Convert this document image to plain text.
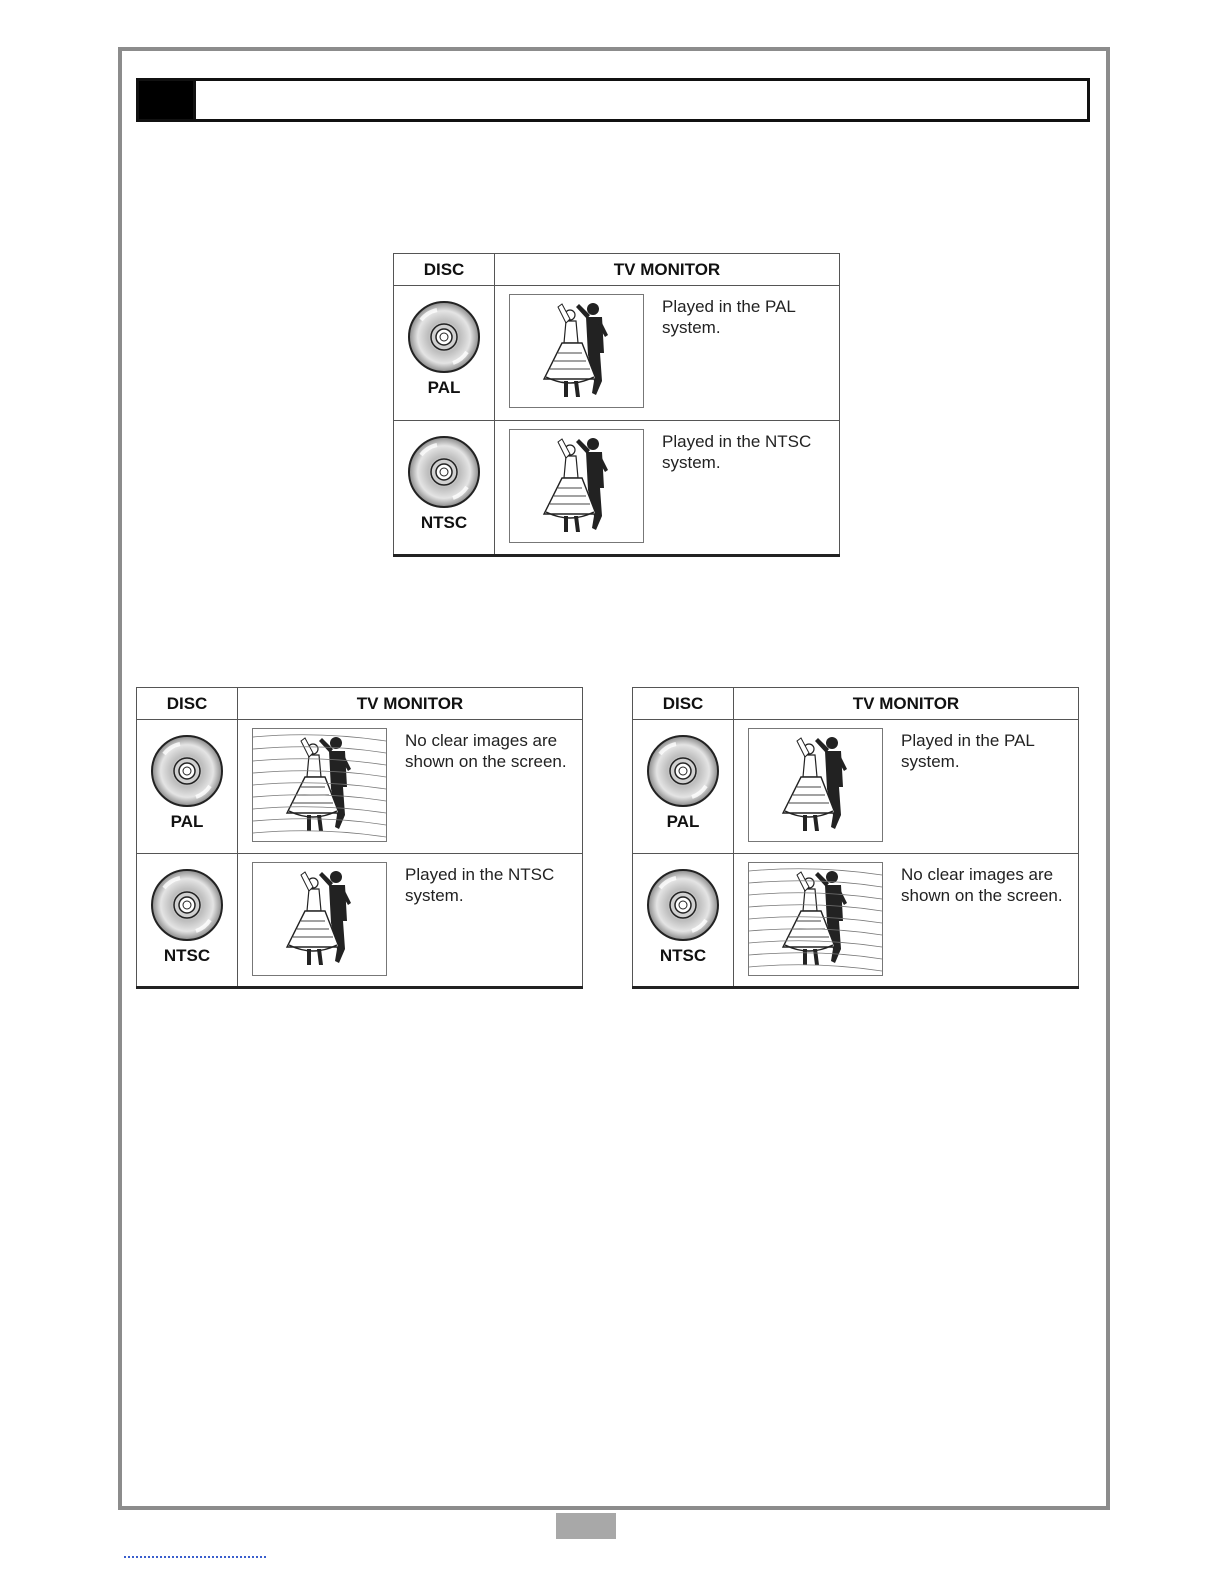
DISC	TV MONITOR

PAL	Played in the PAL system.

NTSC	Played in the NTSC system.
DISC	TV MONITOR

PAL	No clear images are shown on the screen.

NTSC	Played in the NTSC system.
DISC	TV MONITOR

PAL	Played in the PAL system.

NTSC	No clear images are shown on the screen.
